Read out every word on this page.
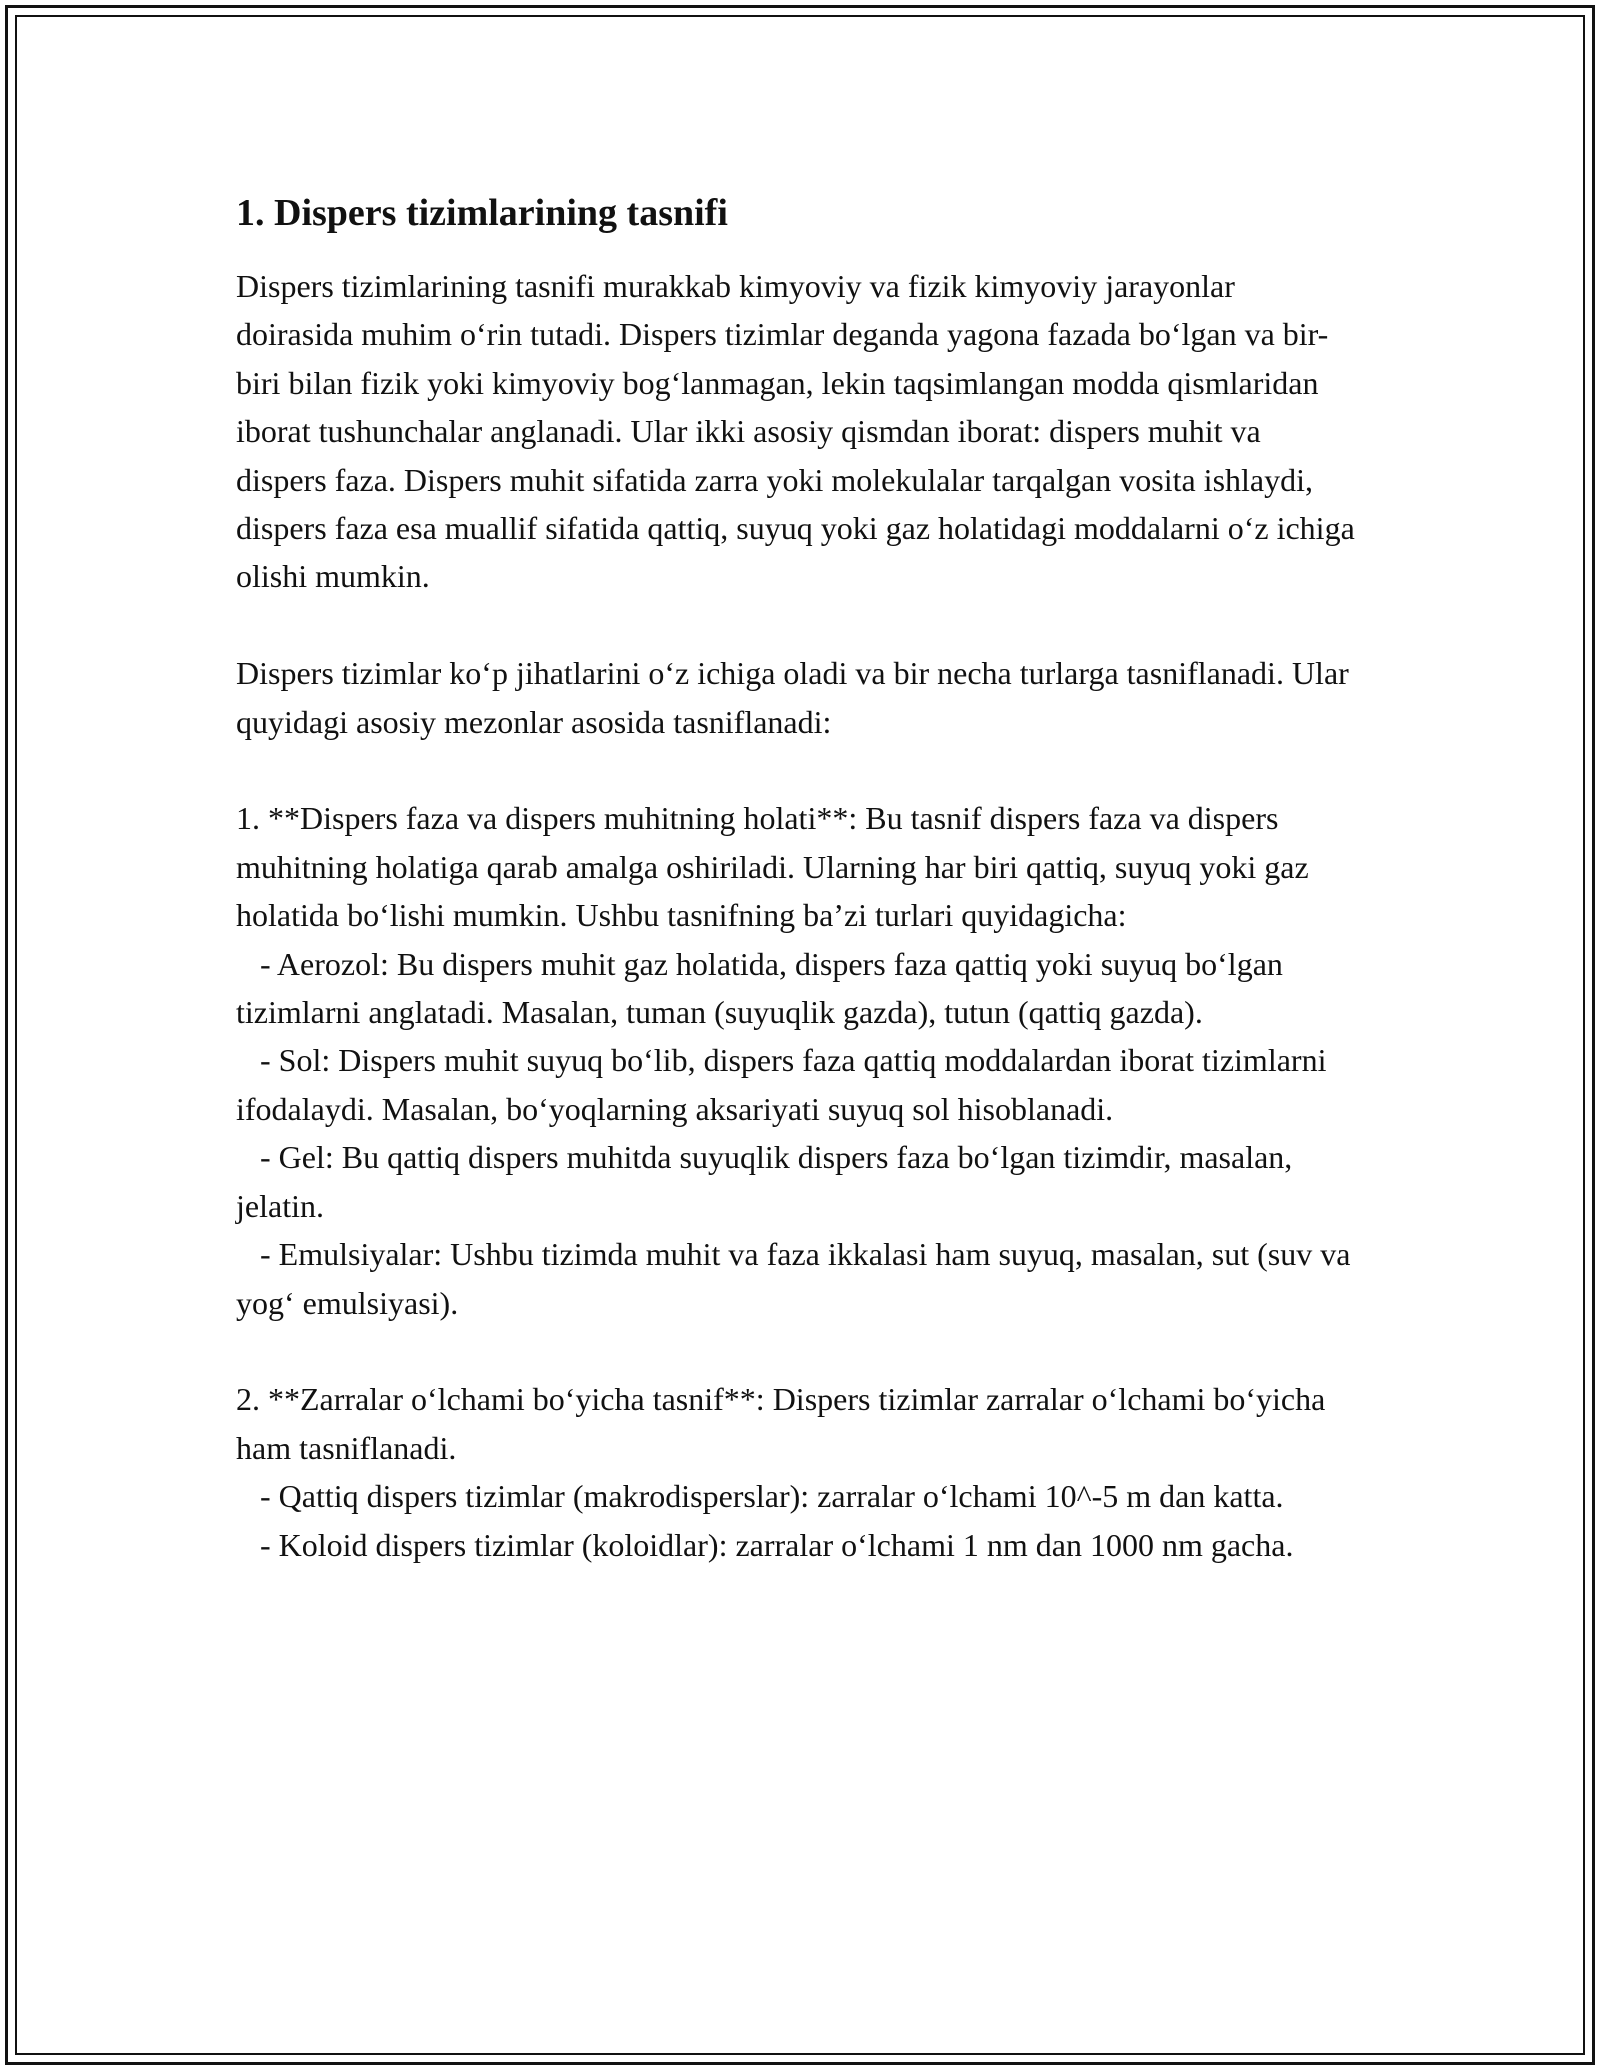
1. Dispers tizimlarining tasnifi

Dispers tizimlarining tasnifi murakkab kimyoviy va fizik kimyoviy jarayonlar doirasida muhim o‘rin tutadi. Dispers tizimlar deganda yagona fazada bo‘lgan va bir-biri bilan fizik yoki kimyoviy bog‘lanmagan, lekin taqsimlangan modda qismlaridan iborat tushunchalar anglanadi. Ular ikki asosiy qismdan iborat: dispers muhit va dispers faza. Dispers muhit sifatida zarra yoki molekulalar tarqalgan vosita ishlaydi, dispers faza esa muallif sifatida qattiq, suyuq yoki gaz holatidagi moddalarni o‘z ichiga olishi mumkin.

Dispers tizimlar ko‘p jihatlarini o‘z ichiga oladi va bir necha turlarga tasniflanadi. Ular quyidagi asosiy mezonlar asosida tasniflanadi:

1. **Dispers faza va dispers muhitning holati**: Bu tasnif dispers faza va dispers muhitning holatiga qarab amalga oshiriladi. Ularning har biri qattiq, suyuq yoki gaz holatida bo‘lishi mumkin. Ushbu tasnifning ba’zi turlari quyidagicha:

- Aerozol: Bu dispers muhit gaz holatida, dispers faza qattiq yoki suyuq bo‘lgan tizimlarni anglatadi. Masalan, tuman (suyuqlik gazda), tutun (qattiq gazda).

- Sol: Dispers muhit suyuq bo‘lib, dispers faza qattiq moddalardan iborat tizimlarni ifodalaydi. Masalan, bo‘yoqlarning aksariyati suyuq sol hisoblanadi.

- Gel: Bu qattiq dispers muhitda suyuqlik dispers faza bo‘lgan tizimdir, masalan, jelatin.

- Emulsiyalar: Ushbu tizimda muhit va faza ikkalasi ham suyuq, masalan, sut (suv va yog‘ emulsiyasi).

2. **Zarralar o‘lchami bo‘yicha tasnif**: Dispers tizimlar zarralar o‘lchami bo‘yicha ham tasniflanadi.

- Qattiq dispers tizimlar (makrodisperslar): zarralar o‘lchami 10^-5 m dan katta.

- Koloid dispers tizimlar (koloidlar): zarralar o‘lchami 1 nm dan 1000 nm gacha.
